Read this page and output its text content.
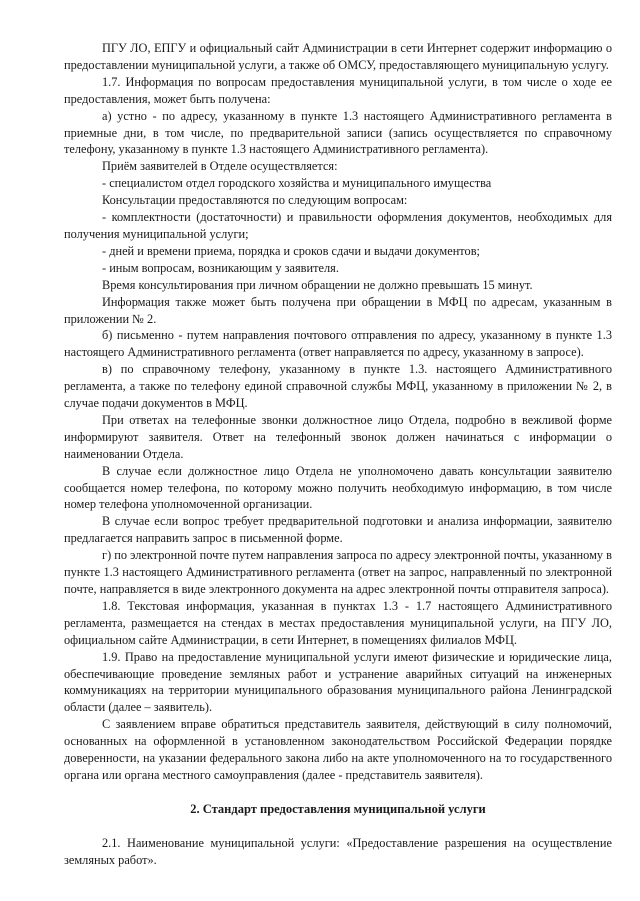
ПГУ ЛО, ЕПГУ и официальный сайт Администрации в сети Интернет содержит информацию о предоставлении муниципальной услуги, а также об ОМСУ, предоставляющего муниципальную услугу.

1.7. Информация по вопросам предоставления муниципальной услуги, в том числе о ходе ее предоставления, может быть получена:

а) устно - по адресу, указанному в пункте 1.3 настоящего Административного регламента в приемные дни, в том числе, по предварительной записи (запись осуществляется по справочному телефону, указанному в пункте 1.3 настоящего Административного регламента).

Приём заявителей в Отделе осуществляется:

- специалистом отдел городского хозяйства и муниципального имущества

Консультации предоставляются по следующим вопросам:

- комплектности (достаточности) и правильности оформления документов, необходимых для получения муниципальной услуги;

- дней и времени приема, порядка и сроков сдачи и выдачи документов;

- иным вопросам, возникающим у заявителя.

Время консультирования при личном обращении не должно превышать 15 минут.

Информация также может быть получена при обращении в МФЦ по адресам, указанным в приложении № 2.

б) письменно - путем направления почтового отправления по адресу, указанному в пункте 1.3 настоящего Административного регламента (ответ направляется по адресу, указанному в запросе).

в) по справочному телефону, указанному в пункте 1.3. настоящего Административного регламента, а также по телефону единой справочной службы МФЦ, указанному в приложении № 2, в случае подачи документов в МФЦ.

При ответах на телефонные звонки должностное лицо Отдела, подробно в вежливой форме информируют заявителя. Ответ на телефонный звонок должен начинаться с информации о наименовании Отдела.

В случае если должностное лицо Отдела не уполномочено давать консультации заявителю сообщается номер телефона, по которому можно получить необходимую информацию, в том числе номер телефона уполномоченной организации.

В случае если вопрос требует предварительной подготовки и анализа информации, заявителю предлагается направить запрос в письменной форме.

г) по электронной почте путем направления запроса по адресу электронной почты, указанному в пункте 1.3 настоящего Административного регламента (ответ на запрос, направленный по электронной почте, направляется в виде электронного документа на адрес электронной почты отправителя запроса).

1.8. Текстовая информация, указанная в пунктах 1.3 - 1.7 настоящего Административного регламента, размещается на стендах в местах предоставления муниципальной услуги, на ПГУ ЛО, официальном сайте Администрации, в сети Интернет, в помещениях филиалов МФЦ.

1.9. Право на предоставление муниципальной услуги имеют физические и юридические лица, обеспечивающие проведение земляных работ и устранение аварийных ситуаций на инженерных коммуникациях на территории муниципального образования муниципального района Ленинградской области (далее – заявитель).

С заявлением вправе обратиться представитель заявителя, действующий в силу полномочий, основанных на оформленной в установленном законодательством Российской Федерации порядке доверенности, на указании федерального закона либо на акте уполномоченного на то государственного органа или органа местного самоуправления (далее - представитель заявителя).

2. Стандарт предоставления муниципальной услуги

2.1. Наименование муниципальной услуги: «Предоставление разрешения на осуществление земляных работ».
